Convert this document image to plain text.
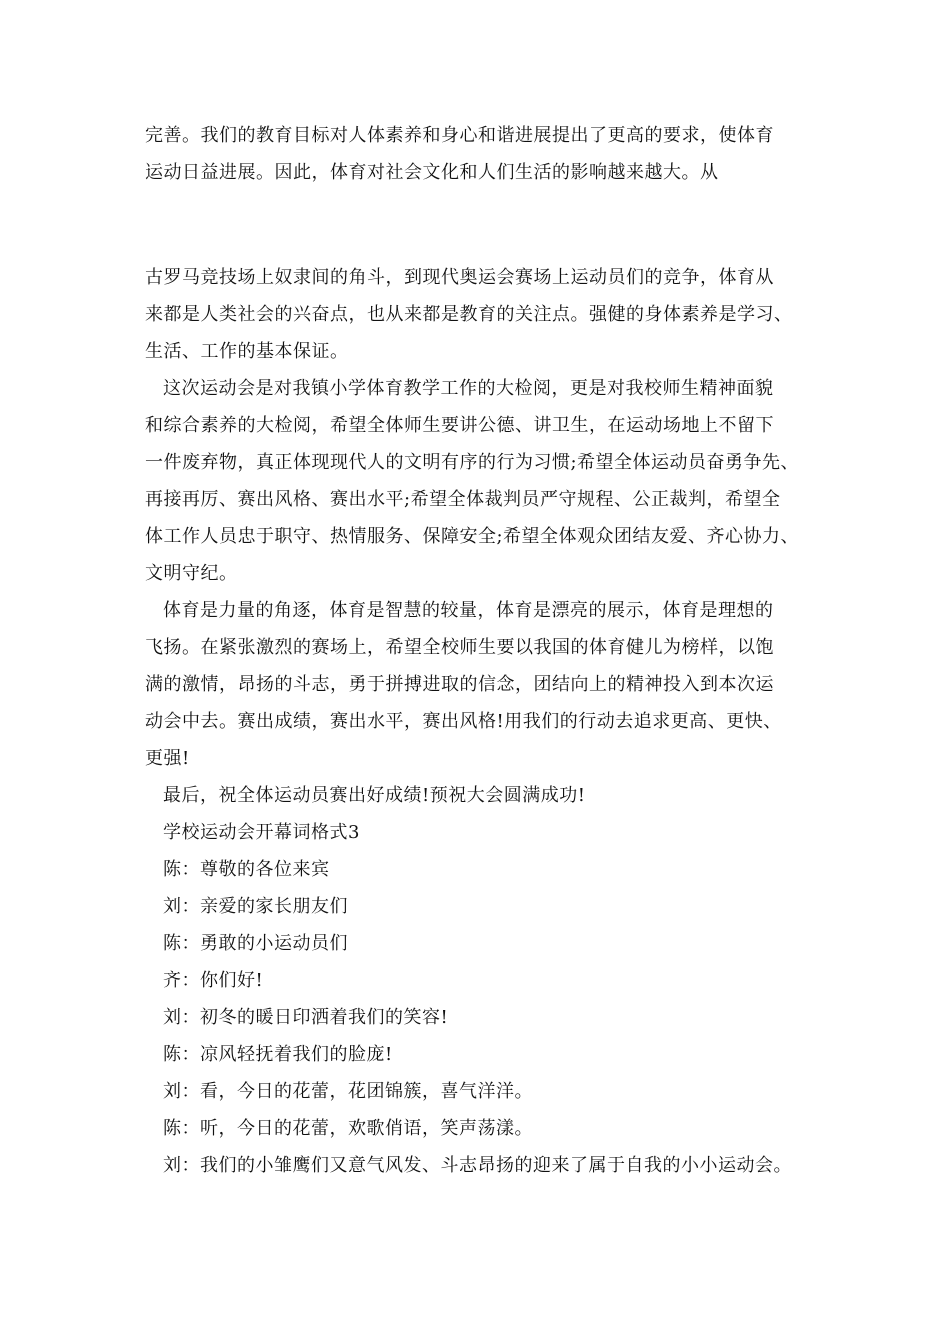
完善。我们的教育目标对人体素养和身心和谐进展提出了更高的要求，使体育
运动日益进展。因此，体育对社会文化和人们生活的影响越来越大。从
古罗马竞技场上奴隶间的角斗，到现代奥运会赛场上运动员们的竞争，体育从
来都是人类社会的兴奋点，也从来都是教育的关注点。强健的身体素养是学习、
生活、工作的基本保证。
这次运动会是对我镇小学体育教学工作的大检阅，更是对我校师生精神面貌
和综合素养的大检阅，希望全体师生要讲公德、讲卫生，在运动场地上不留下
一件废弃物，真正体现现代人的文明有序的行为习惯;希望全体运动员奋勇争先、
再接再厉、赛出风格、赛出水平;希望全体裁判员严守规程、公正裁判，希望全
体工作人员忠于职守、热情服务、保障安全;希望全体观众团结友爱、齐心协力、
文明守纪。
体育是力量的角逐，体育是智慧的较量，体育是漂亮的展示，体育是理想的
飞扬。在紧张激烈的赛场上，希望全校师生要以我国的体育健儿为榜样，以饱
满的激情，昂扬的斗志，勇于拼搏进取的信念，团结向上的精神投入到本次运
动会中去。赛出成绩，赛出水平，赛出风格!用我们的行动去追求更高、更快、
更强!
最后，祝全体运动员赛出好成绩!预祝大会圆满成功!
学校运动会开幕词格式3
陈：尊敬的各位来宾
刘：亲爱的家长朋友们
陈：勇敢的小运动员们
齐：你们好!
刘：初冬的暖日印洒着我们的笑容!
陈：凉风轻抚着我们的脸庞!
刘：看，今日的花蕾，花团锦簇，喜气洋洋。
陈：听，今日的花蕾，欢歌俏语，笑声荡漾。
刘：我们的小雏鹰们又意气风发、斗志昂扬的迎来了属于自我的小小运动会。
